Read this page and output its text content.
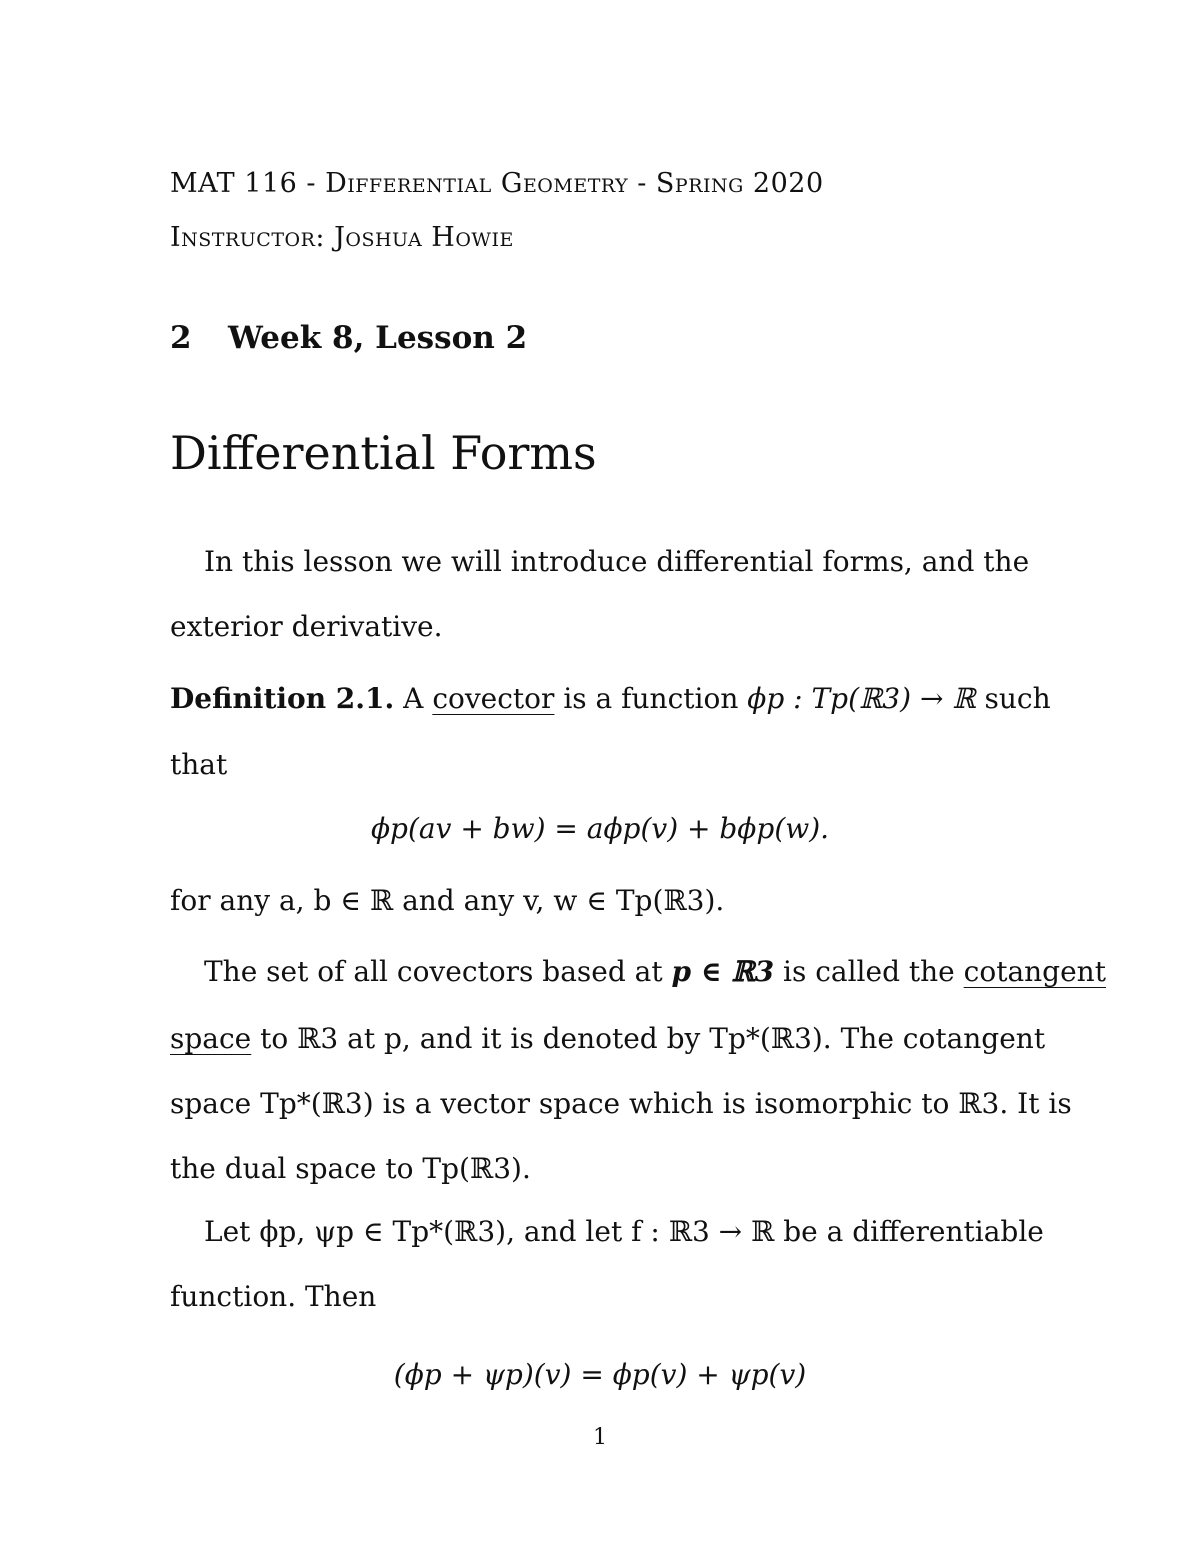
MAT 116 - Differential Geometry - Spring 2020
Instructor: Joshua Howie
2 Week 8, Lesson 2
Differential Forms
In this lesson we will introduce differential forms, and the
exterior derivative.
Definition 2.1. A covector is a function ϕp : Tp(ℝ3) → ℝ such
that
ϕp(av + bw) = aϕp(v) + bϕp(w).
for any a, b ∈ ℝ and any v, w ∈ Tp(ℝ3).
The set of all covectors based at p ∈ ℝ3 is called the cotangent
space to ℝ3 at p, and it is denoted by Tp*(ℝ3). The cotangent
space Tp*(ℝ3) is a vector space which is isomorphic to ℝ3. It is
the dual space to Tp(ℝ3).
Let ϕp, ψp ∈ Tp*(ℝ3), and let f : ℝ3 → ℝ be a differentiable
function. Then
(ϕp + ψp)(v) = ϕp(v) + ψp(v)
1
